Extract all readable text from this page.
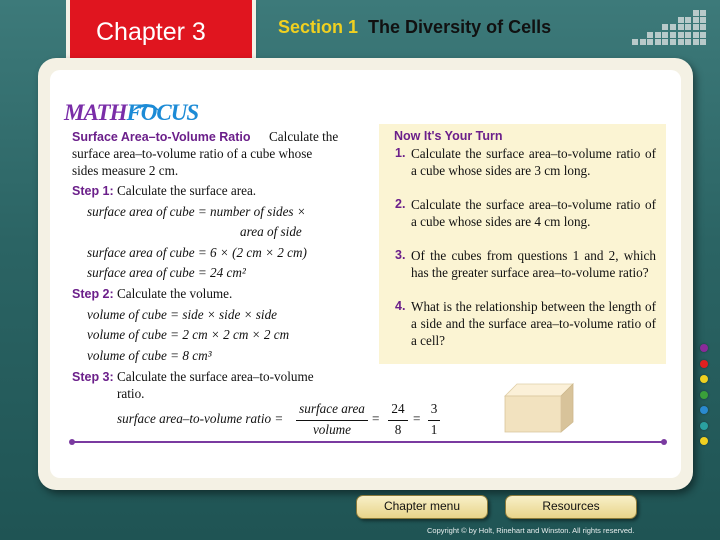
Chapter 3	Section 1 The Diversity of Cells
MATHFOCUS
Surface Area–to-Volume Ratio Calculate the
surface area–to-volume ratio of a cube whose
sides measure 2 cm.
Step 1: Calculate the surface area.
surface area of cube = number of sides ×
area of side
surface area of cube = 6 × (2 cm × 2 cm)
surface area of cube = 24 cm²
Step 2: Calculate the volume.
volume of cube = side × side × side
volume of cube = 2 cm × 2 cm × 2 cm
volume of cube = 8 cm³
Step 3: Calculate the surface area–to-volume
ratio.
surface area–to-volume ratio =
surface area
volume
= $\frac{24}{8} = \frac{3}{1}$
Now It's Your Turn
1. Calculate the surface area–to-volume ratio of a cube whose sides are 3 cm long.
2. Calculate the surface area–to-volume ratio of a cube whose sides are 4 cm long.
3. Of the cubes from questions 1 and 2, which has the greater surface area–to-volume ratio?
4. What is the relationship between the length of a side and the surface area–to-volume ratio of a cell?
Chapter menu	Resources
Copyright © by Holt, Rinehart and Winston. All rights reserved.
